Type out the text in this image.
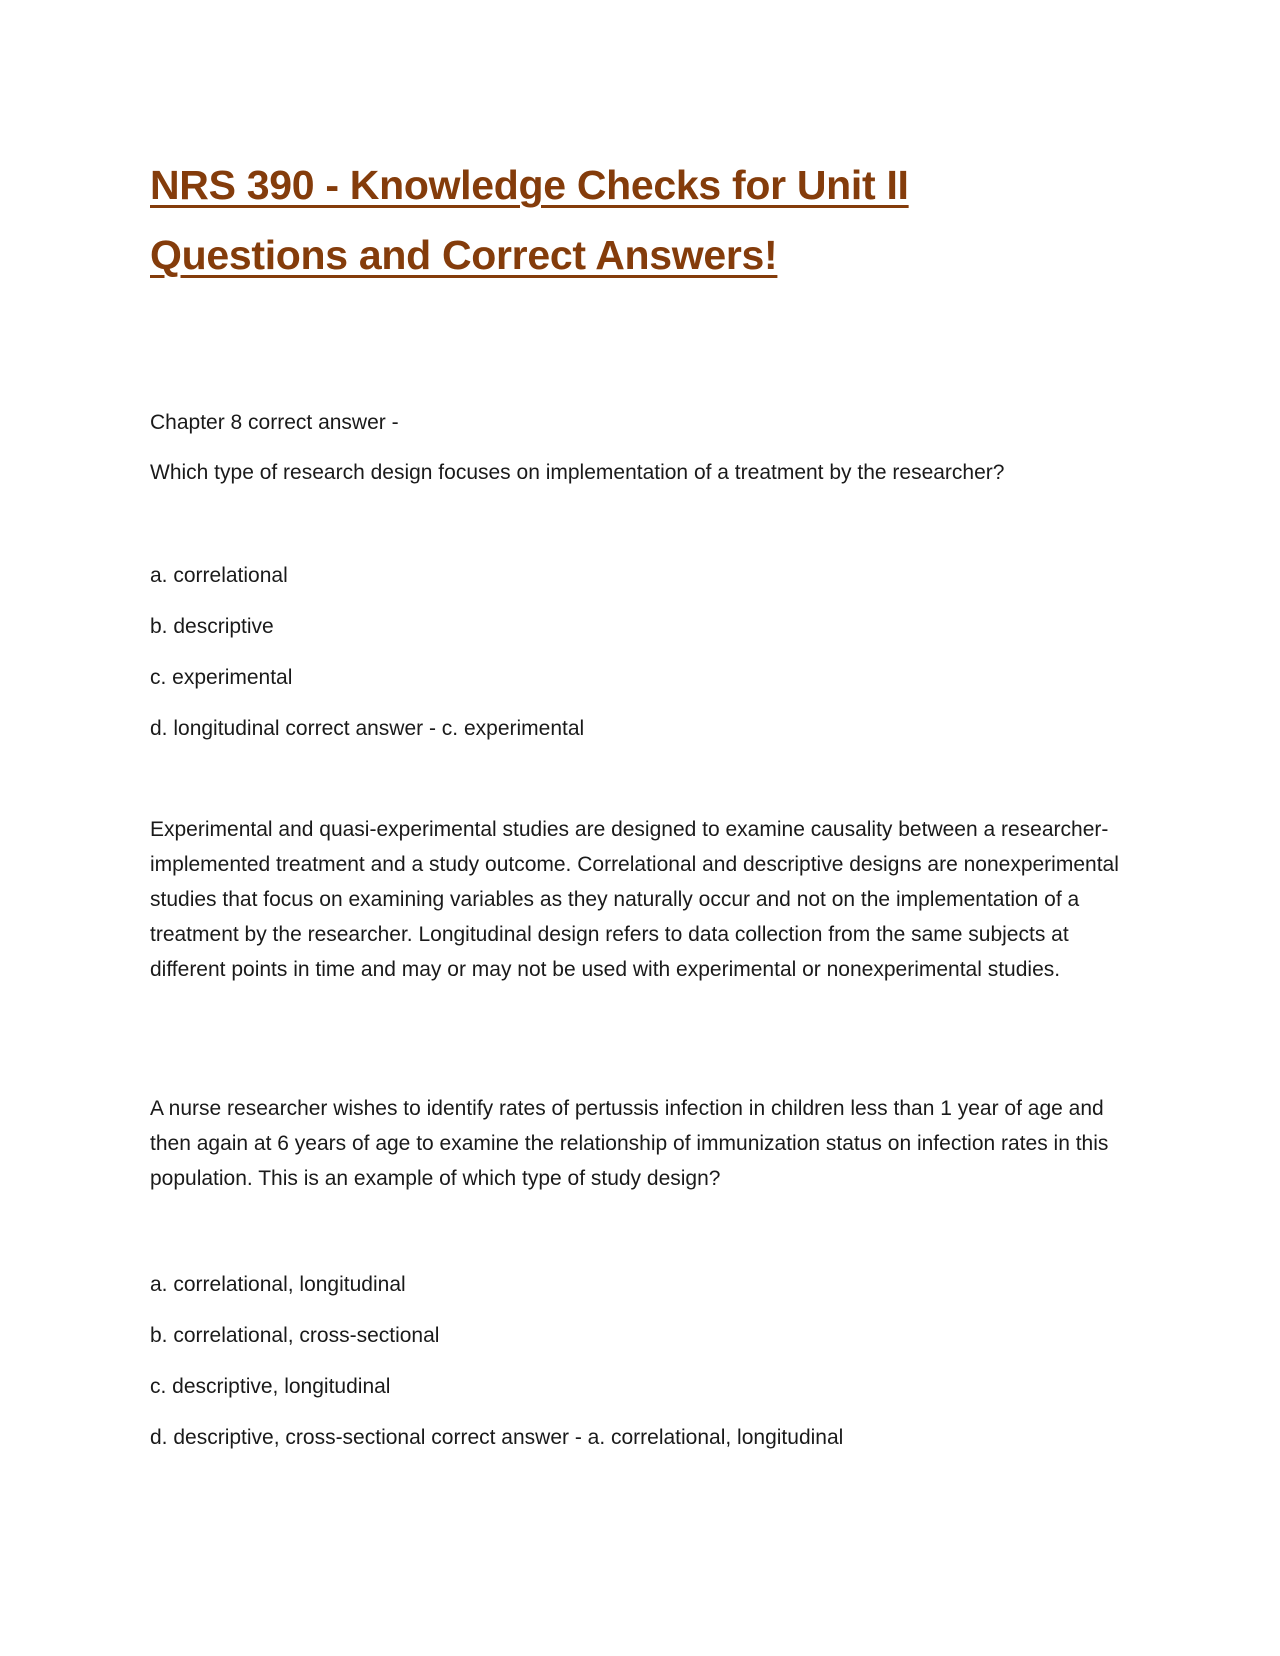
NRS 390 - Knowledge Checks for Unit II
Questions and Correct Answers!

Chapter 8 correct answer -

Which type of research design focuses on implementation of a treatment by the researcher?

a. correlational

b. descriptive

c. experimental

d. longitudinal correct answer - c. experimental

Experimental and quasi-experimental studies are designed to examine causality between a researcher-implemented treatment and a study outcome. Correlational and descriptive designs are nonexperimental studies that focus on examining variables as they naturally occur and not on the implementation of a treatment by the researcher. Longitudinal design refers to data collection from the same subjects at different points in time and may or may not be used with experimental or nonexperimental studies.

A nurse researcher wishes to identify rates of pertussis infection in children less than 1 year of age and then again at 6 years of age to examine the relationship of immunization status on infection rates in this population. This is an example of which type of study design?

a. correlational, longitudinal

b. correlational, cross-sectional

c. descriptive, longitudinal

d. descriptive, cross-sectional correct answer - a. correlational, longitudinal
